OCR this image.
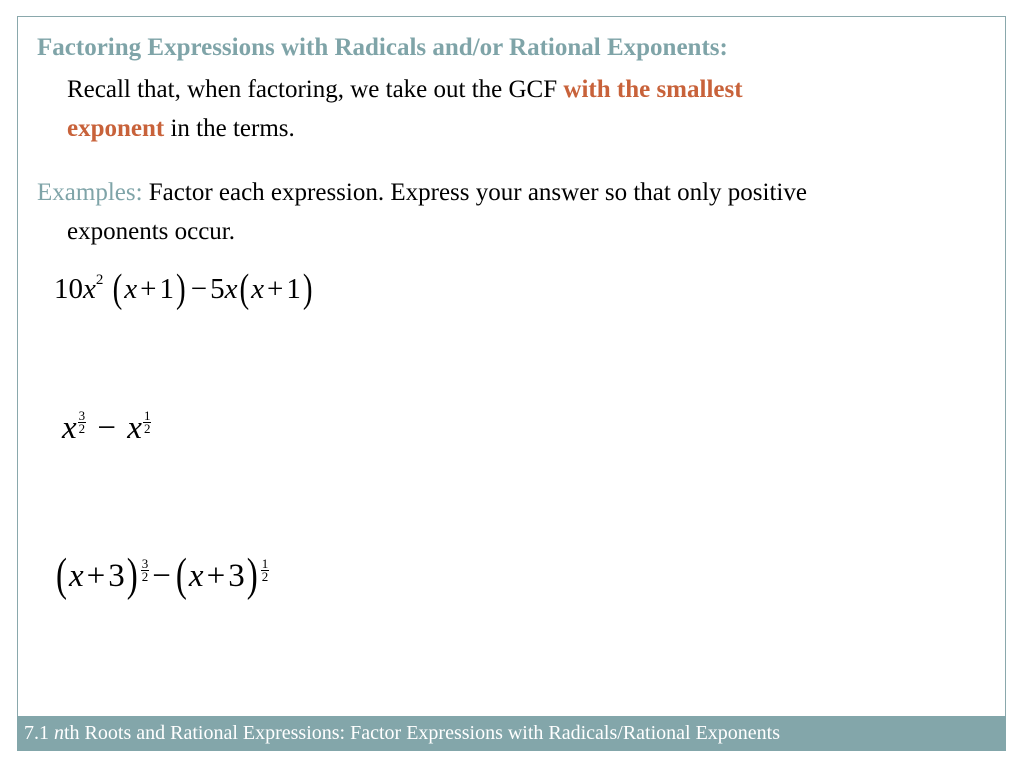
Factoring Expressions with Radicals and/or Rational Exponents:
Recall that, when factoring, we take out the GCF with the smallest
exponent in the terms.
Examples: Factor each expression. Express your answer so that only positive
exponents occur.
$10x^2$ (x + 1) − 5x(x + 1)
x $\frac{3}{2} - x \frac{1}{2}$
$(x+3) \frac{3}{2} - (x+3) \frac{1}{2}$
7.1 nth Roots and Rational Expressions: Factor Expressions with Radicals/Rational Exponents
